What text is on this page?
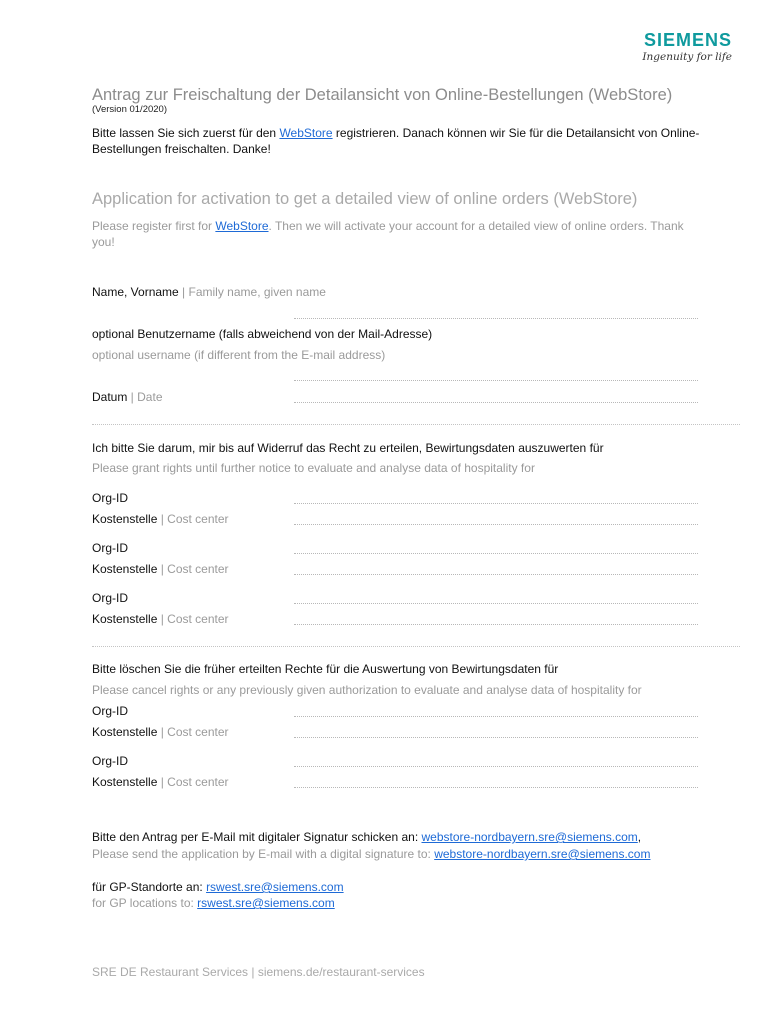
SIEMENS
Ingenuity for life
Antrag zur Freischaltung der Detailansicht von Online-Bestellungen (WebStore)
(Version 01/2020)
Bitte lassen Sie sich zuerst für den WebStore registrieren. Danach können wir Sie für die Detailansicht von Online-Bestellungen freischalten. Danke!
Application for activation to get a detailed view of online orders (WebStore)
Please register first for WebStore. Then we will activate your account for a detailed view of online orders. Thank you!
Name, Vorname | Family name, given name
optional Benutzername (falls abweichend von der Mail-Adresse)
optional username (if different from the E-mail address)
Datum | Date
Ich bitte Sie darum, mir bis auf Widerruf das Recht zu erteilen, Bewirtungsdaten auszuwerten für
Please grant rights until further notice to evaluate and analyse data of hospitality for
Org-ID
Kostenstelle | Cost center
Org-ID
Kostenstelle | Cost center
Org-ID
Kostenstelle | Cost center
Bitte löschen Sie die früher erteilten Rechte für die Auswertung von Bewirtungsdaten für
Please cancel rights or any previously given authorization to evaluate and analyse data of hospitality for
Org-ID
Kostenstelle | Cost center
Org-ID
Kostenstelle | Cost center
Bitte den Antrag per E-Mail mit digitaler Signatur schicken an: webstore-nordbayern.sre@siemens.com,
Please send the application by E-mail with a digital signature to: webstore-nordbayern.sre@siemens.com
für GP-Standorte an: rswest.sre@siemens.com
for GP locations to: rswest.sre@siemens.com
SRE DE Restaurant Services | siemens.de/restaurant-services
